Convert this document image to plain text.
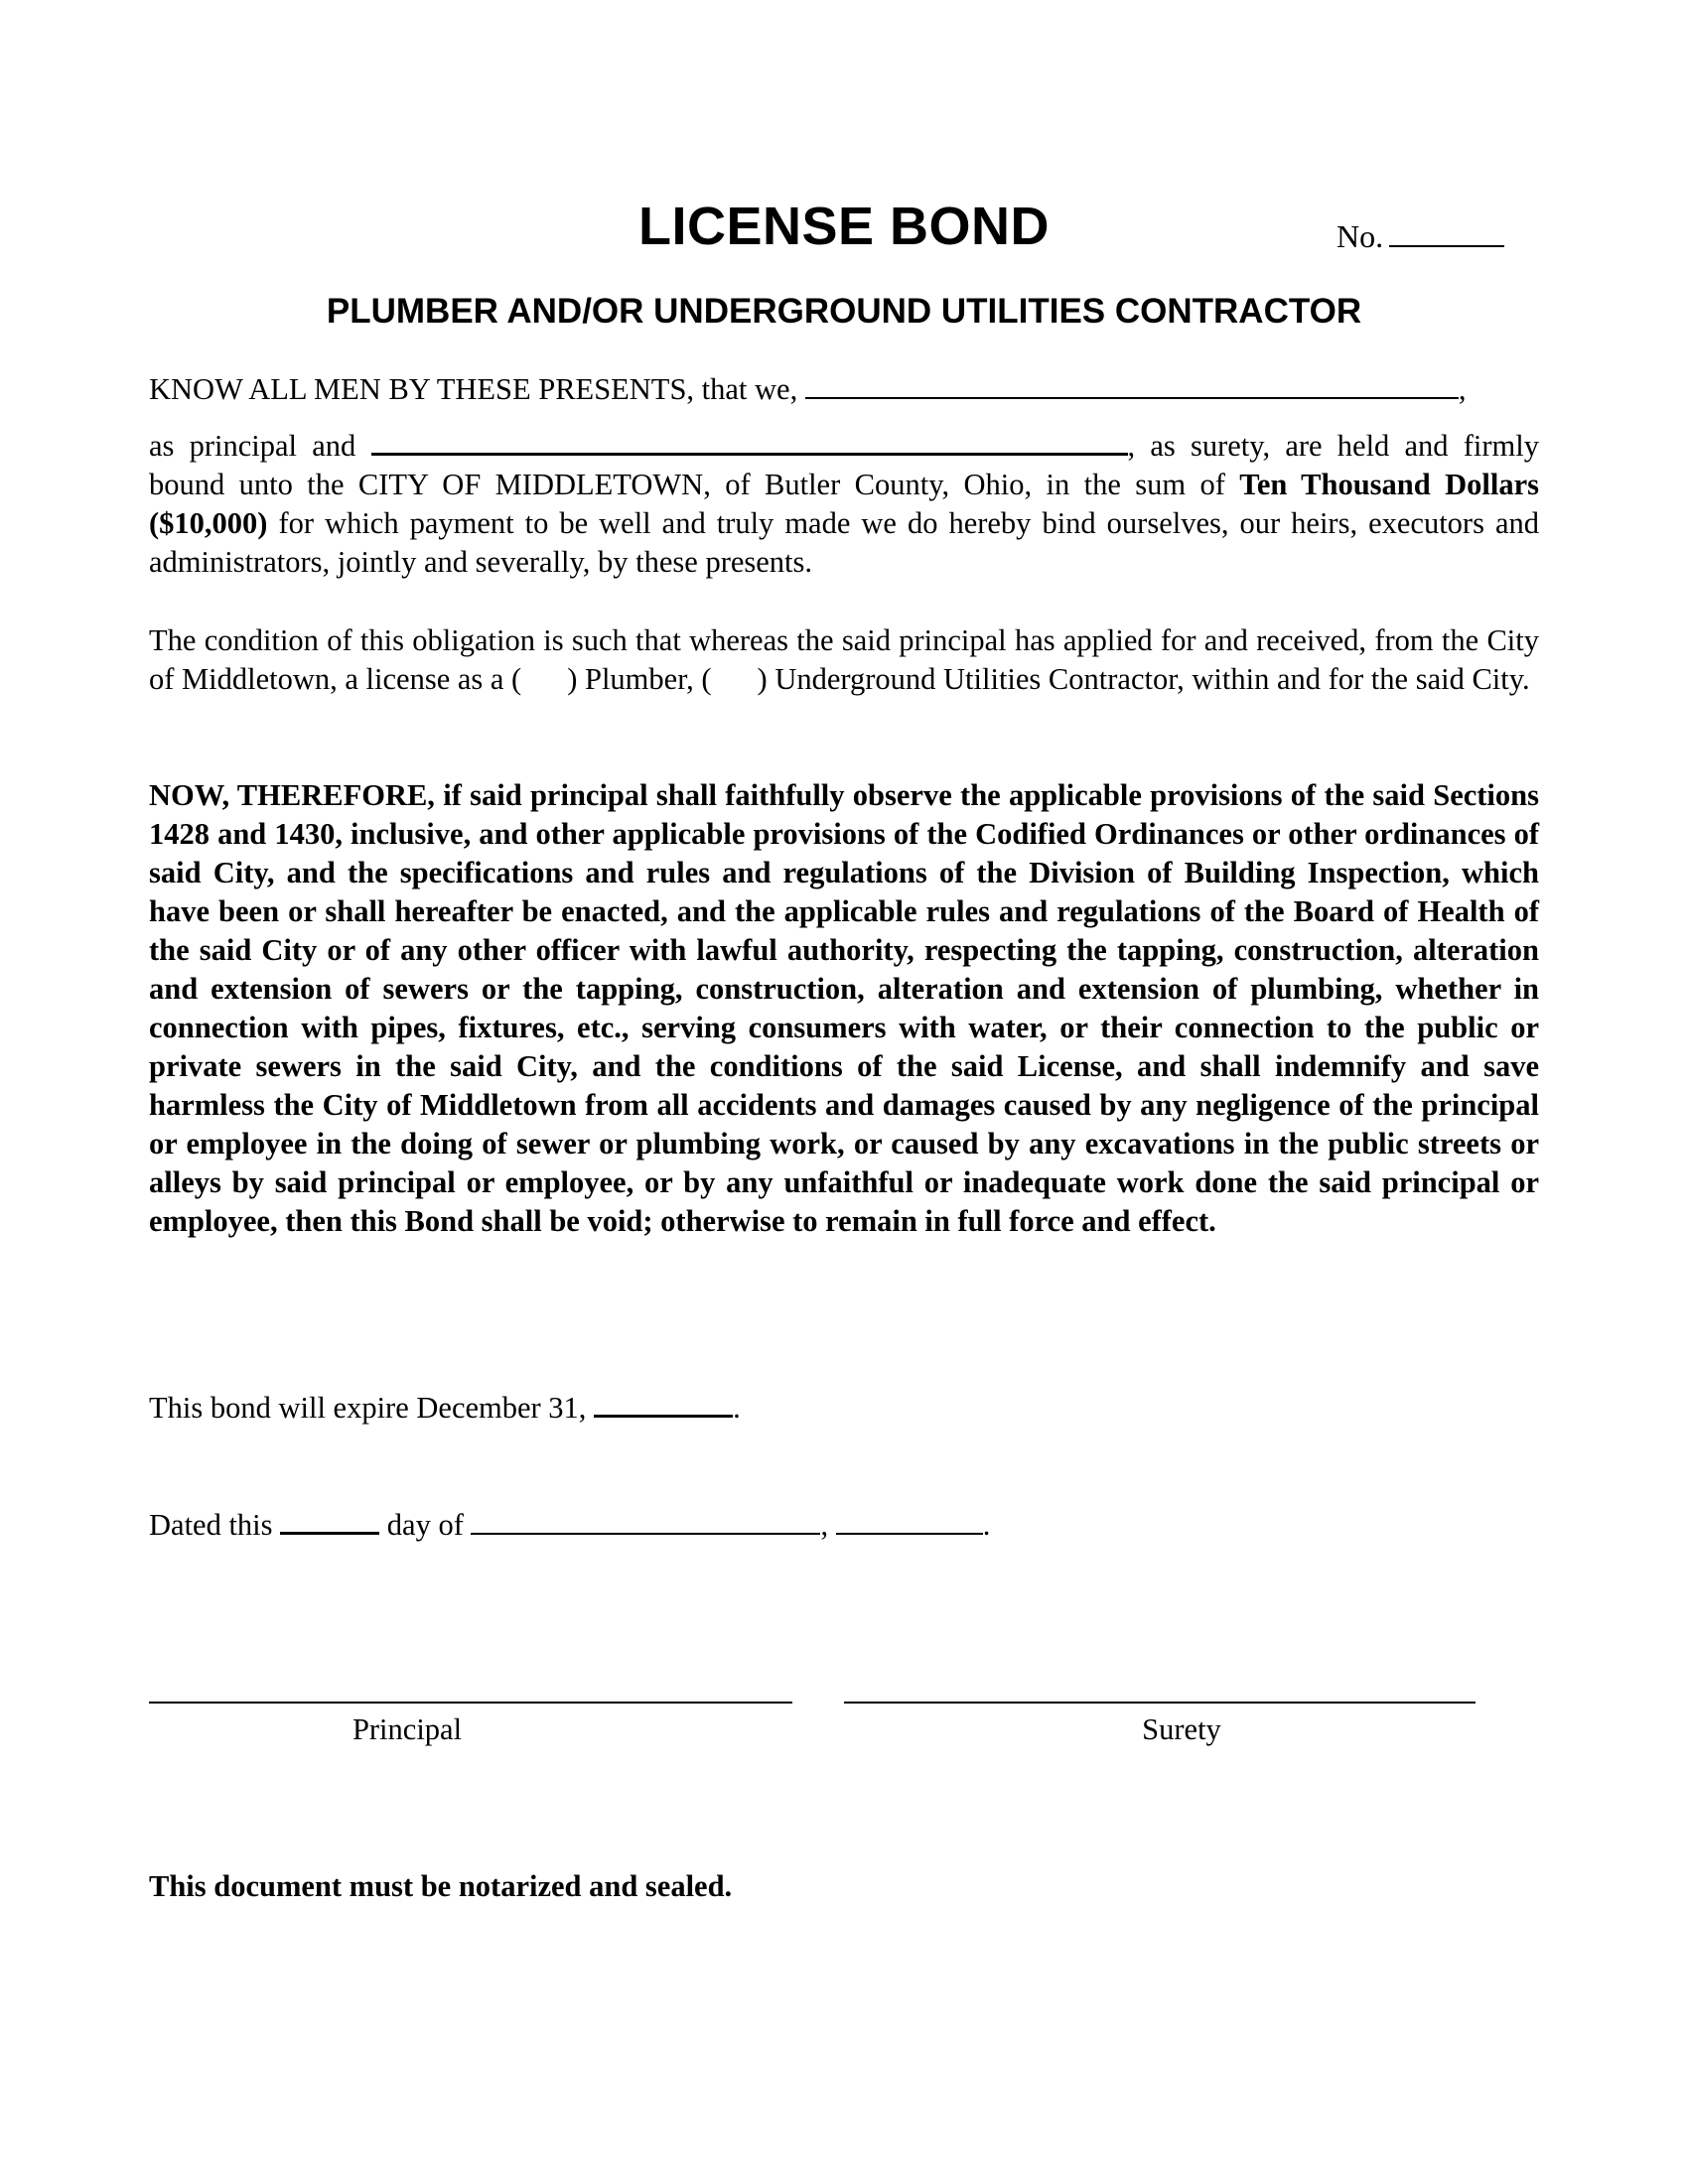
LICENSE BOND	No.
PLUMBER AND/OR UNDERGROUND UTILITIES CONTRACTOR
KNOW ALL MEN BY THESE PRESENTS, that we,	,
as principal and	, as surety, are held and firmly bound unto the CITY OF MIDDLETOWN, of Butler County, Ohio, in the sum of Ten Thousand Dollars ($10,000) for which payment to be well and truly made we do hereby bind ourselves, our heirs, executors and administrators, jointly and severally, by these presents.
The condition of this obligation is such that whereas the said principal has applied for and received, from the City of Middletown, a license as a ( ) Plumber, ( ) Underground Utilities Contractor, within and for the said City.
NOW, THEREFORE, if said principal shall faithfully observe the applicable provisions of the said Sections 1428 and 1430, inclusive, and other applicable provisions of the Codified Ordinances or other ordinances of said City, and the specifications and rules and regulations of the Division of Building Inspection, which have been or shall hereafter be enacted, and the applicable rules and regulations of the Board of Health of the said City or of any other officer with lawful authority, respecting the tapping, construction, alteration and extension of sewers or the tapping, construction, alteration and extension of plumbing, whether in connection with pipes, fixtures, etc., serving consumers with water, or their connection to the public or private sewers in the said City, and the conditions of the said License, and shall indemnify and save harmless the City of Middletown from all accidents and damages caused by any negligence of the principal or employee in the doing of sewer or plumbing work, or caused by any excavations in the public streets or alleys by said principal or employee, or by any unfaithful or inadequate work done the said principal or employee, then this Bond shall be void; otherwise to remain in full force and effect.
This bond will expire December 31,	.
Dated this	day of	,	.
Principal	Surety
This document must be notarized and sealed.
